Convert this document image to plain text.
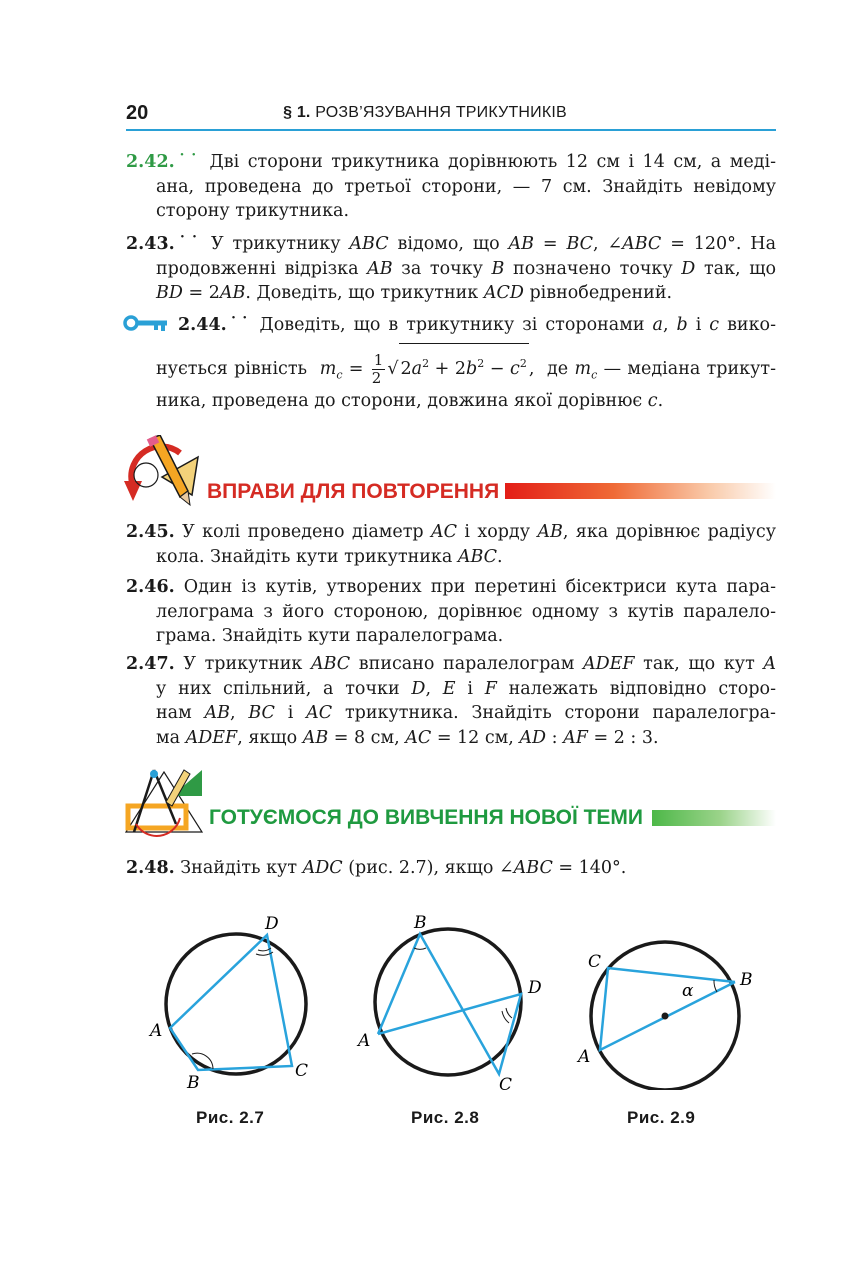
20	§ 1. РОЗВ’ЯЗУВАННЯ ТРИКУТНИКІВ
2.42.˙˙ Дві сторони трикутника дорівнюють 12 см і 14 см, а меді-
ана, проведена до третьої сторони, — 7 см. Знайдіть невідому
сторону трикутника.
2.43.˙˙ У трикутнику ABC відомо, що AB = BC, ∠ABC = 120°. На
продовженні відрізка AB за точку B позначено точку D так, що
BD = 2AB. Доведіть, що трикутник ACD рівнобедрений.
2.44.˙˙ Доведіть, що в трикутнику зі сторонами a, b і c вико-
нується рівність  $m_c = \frac{1}{2}$ √ $2a^2 + 2b^2 - c^2$ ,  де $m_c$ — медіана трикут-
ника, проведена до сторони, довжина якої дорівнює c.
ВПРАВИ ДЛЯ ПОВТОРЕННЯ
2.45. У колі проведено діаметр AC і хорду AB, яка дорівнює радіусу
кола. Знайдіть кути трикутника ABC.
2.46. Один із кутів, утворених при перетині бісектриси кута пара-
лелограма з його стороною, дорівнює одному з кутів паралело-
грама. Знайдіть кути паралелограма.
2.47. У трикутник ABC вписано паралелограм ADEF так, що кут A
у них спільний, а точки D, E і F належать відповідно сторо-
нам AB, BC і AC трикутника. Знайдіть сторони паралелогра-
ма ADEF, якщо AB = 8 см, AC = 12 см, AD : AF = 2 : 3.
ГОТУЄМОСЯ ДО ВИВЧЕННЯ НОВОЇ ТЕМИ
2.48. Знайдіть кут ADC (рис. 2.7), якщо ∠ABC = 140°.
D
A
B
C
Рис. 2.7
B
D
A
C
Рис. 2.8
C
B
A
α
Рис. 2.9
